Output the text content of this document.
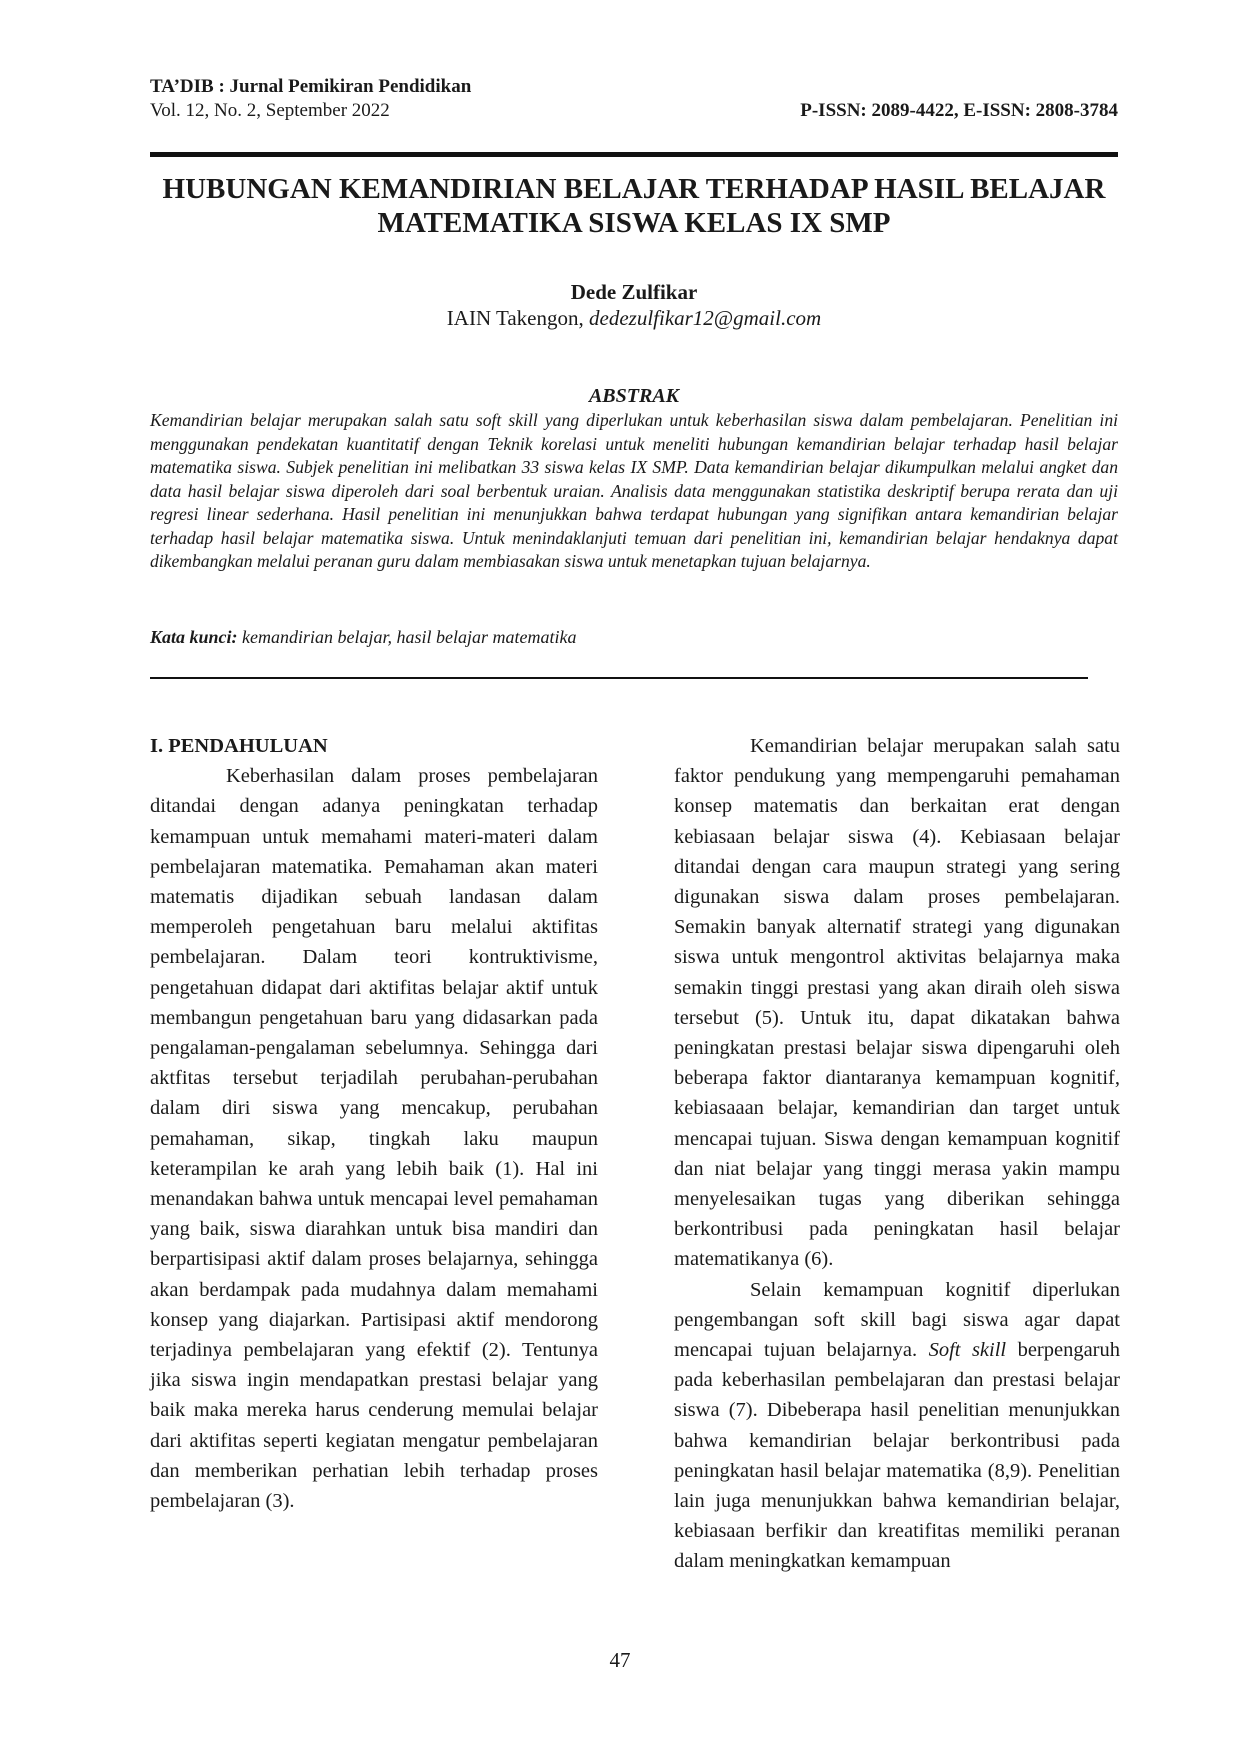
TA’DIB : Jurnal Pemikiran Pendidikan
Vol. 12, No. 2, September 2022	P-ISSN: 2089-4422, E-ISSN: 2808-3784
HUBUNGAN KEMANDIRIAN BELAJAR TERHADAP HASIL BELAJAR
MATEMATIKA SISWA KELAS IX SMP
Dede Zulfikar
IAIN Takengon, dedezulfikar12@gmail.com
ABSTRAK

Kemandirian belajar merupakan salah satu soft skill yang diperlukan untuk keberhasilan siswa dalam pembelajaran. Penelitian ini menggunakan pendekatan kuantitatif dengan Teknik korelasi untuk meneliti hubungan kemandirian belajar terhadap hasil belajar matematika siswa. Subjek penelitian ini melibatkan 33 siswa kelas IX SMP. Data kemandirian belajar dikumpulkan melalui angket dan data hasil belajar siswa diperoleh dari soal berbentuk uraian. Analisis data menggunakan statistika deskriptif berupa rerata dan uji regresi linear sederhana. Hasil penelitian ini menunjukkan bahwa terdapat hubungan yang signifikan antara kemandirian belajar terhadap hasil belajar matematika siswa. Untuk menindaklanjuti temuan dari penelitian ini, kemandirian belajar hendaknya dapat dikembangkan melalui peranan guru dalam membiasakan siswa untuk menetapkan tujuan belajarnya.

Kata kunci: kemandirian belajar, hasil belajar matematika

I. PENDAHULUAN

Keberhasilan dalam proses pembelajaran ditandai dengan adanya peningkatan terhadap kemampuan untuk memahami materi-materi dalam pembelajaran matematika. Pemahaman akan materi matematis dijadikan sebuah landasan dalam memperoleh pengetahuan baru melalui aktifitas pembelajaran. Dalam teori kontruktivisme, pengetahuan didapat dari aktifitas belajar aktif untuk membangun pengetahuan baru yang didasarkan pada pengalaman-pengalaman sebelumnya. Sehingga dari aktfitas tersebut terjadilah perubahan-perubahan dalam diri siswa yang mencakup, perubahan pemahaman, sikap, tingkah laku maupun keterampilan ke arah yang lebih baik (1). Hal ini menandakan bahwa untuk mencapai level pemahaman yang baik, siswa diarahkan untuk bisa mandiri dan berpartisipasi aktif dalam proses belajarnya, sehingga akan berdampak pada mudahnya dalam memahami konsep yang diajarkan. Partisipasi aktif mendorong terjadinya pembelajaran yang efektif (2). Tentunya jika siswa ingin mendapatkan prestasi belajar yang baik maka mereka harus cenderung memulai belajar dari aktifitas seperti kegiatan mengatur pembelajaran dan memberikan perhatian lebih terhadap proses pembelajaran (3).

Kemandirian belajar merupakan salah satu faktor pendukung yang mempengaruhi pemahaman konsep matematis dan berkaitan erat dengan kebiasaan belajar siswa (4). Kebiasaan belajar ditandai dengan cara maupun strategi yang sering digunakan siswa dalam proses pembelajaran. Semakin banyak alternatif strategi yang digunakan siswa untuk mengontrol aktivitas belajarnya maka semakin tinggi prestasi yang akan diraih oleh siswa tersebut (5). Untuk itu, dapat dikatakan bahwa peningkatan prestasi belajar siswa dipengaruhi oleh beberapa faktor diantaranya kemampuan kognitif, kebiasaaan belajar, kemandirian dan target untuk mencapai tujuan. Siswa dengan kemampuan kognitif dan niat belajar yang tinggi merasa yakin mampu menyelesaikan tugas yang diberikan sehingga berkontribusi pada peningkatan hasil belajar matematikanya (6).

Selain kemampuan kognitif diperlukan pengembangan soft skill bagi siswa agar dapat mencapai tujuan belajarnya. Soft skill berpengaruh pada keberhasilan pembelajaran dan prestasi belajar siswa (7). Dibeberapa hasil penelitian menunjukkan bahwa kemandirian belajar berkontribusi pada peningkatan hasil belajar matematika (8,9). Penelitian lain juga menunjukkan bahwa kemandirian belajar, kebiasaan berfikir dan kreatifitas memiliki peranan dalam meningkatkan kemampuan

47
